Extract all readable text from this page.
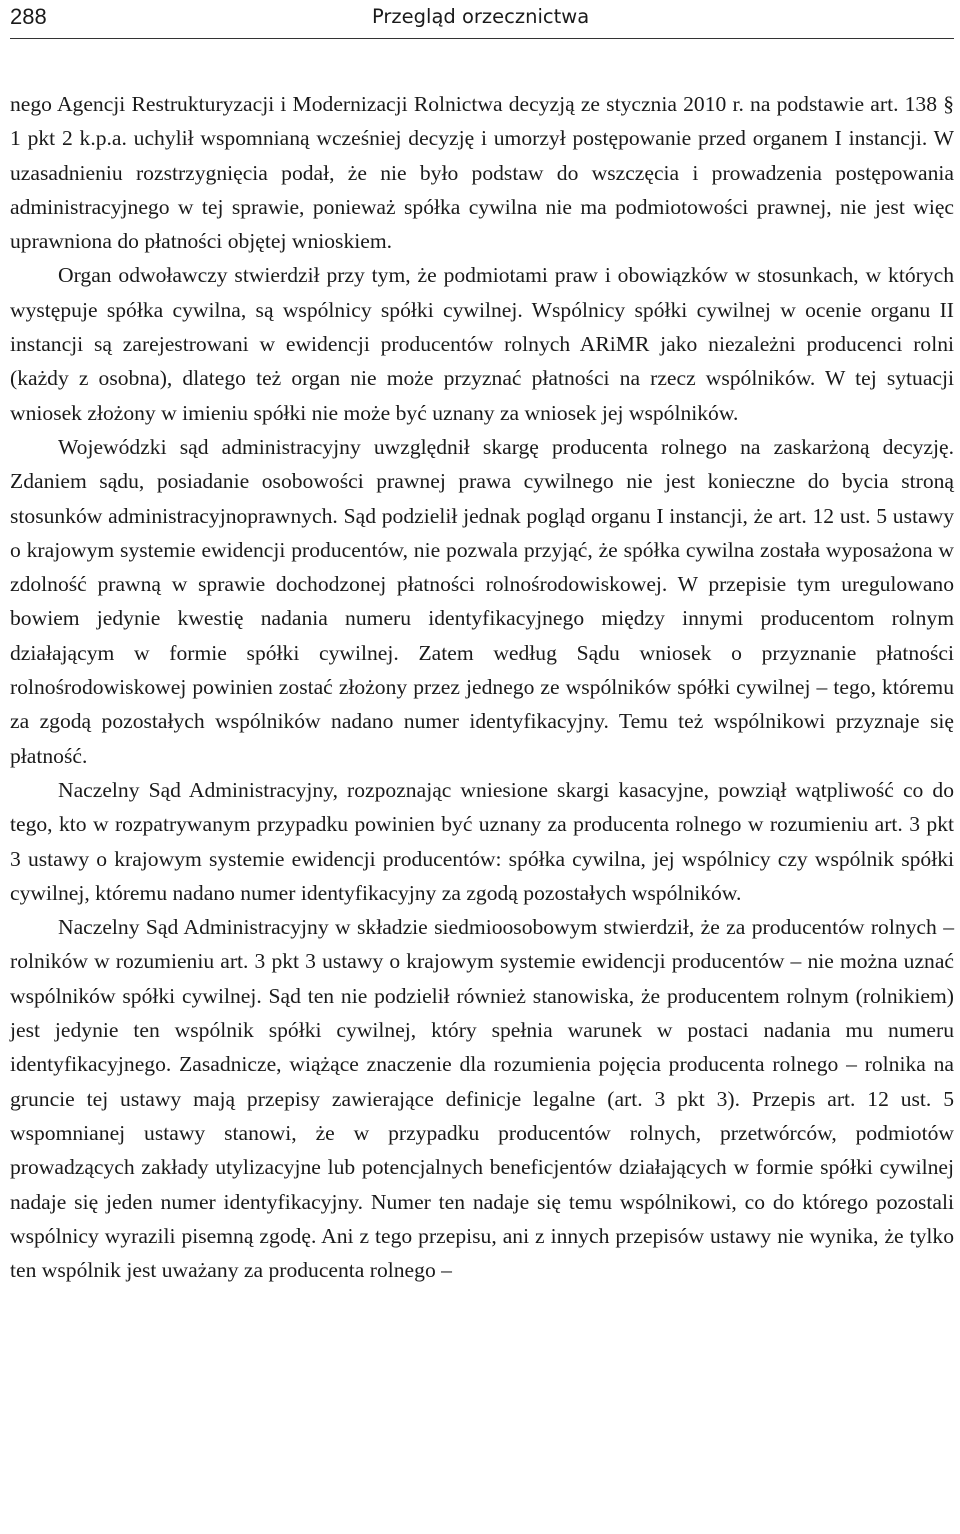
288	Przegląd orzecznictwa

nego Agencji Restrukturyzacji i Modernizacji Rolnictwa decyzją ze stycznia 2010 r. na podstawie art. 138 § 1 pkt 2 k.p.a. uchylił wspomnianą wcześniej decyzję i umorzył postępowanie przed organem I instancji. W uzasadnieniu rozstrzygnięcia podał, że nie było podstaw do wszczęcia i prowadzenia postępowania administracyjnego w tej sprawie, ponieważ spółka cywilna nie ma podmiotowości prawnej, nie jest więc uprawniona do płatności objętej wnioskiem.

Organ odwoławczy stwierdził przy tym, że podmiotami praw i obowiązków w stosunkach, w których występuje spółka cywilna, są wspólnicy spółki cywilnej. Wspólnicy spółki cywilnej w ocenie organu II instancji są zarejestrowani w ewidencji producentów rolnych ARiMR jako niezależni producenci rolni (każdy z osobna), dlatego też organ nie może przyznać płatności na rzecz wspólników. W tej sytuacji wniosek złożony w imieniu spółki nie może być uznany za wniosek jej wspólników.

Wojewódzki sąd administracyjny uwzględnił skargę producenta rolnego na zaskarżoną decyzję. Zdaniem sądu, posiadanie osobowości prawnej prawa cywilnego nie jest konieczne do bycia stroną stosunków administracyjnoprawnych. Sąd podzielił jednak pogląd organu I instancji, że art. 12 ust. 5 ustawy o krajowym systemie ewidencji producentów, nie pozwala przyjąć, że spółka cywilna została wyposażona w zdolność prawną w sprawie dochodzonej płatności rolnośrodowiskowej. W przepisie tym uregulowano bowiem jedynie kwestię nadania numeru identyfikacyjnego między innymi producentom rolnym działającym w formie spółki cywilnej. Zatem według Sądu wniosek o przyznanie płatności rolnośrodowiskowej powinien zostać złożony przez jednego ze wspólników spółki cywilnej – tego, któremu za zgodą pozostałych wspólników nadano numer identyfikacyjny. Temu też wspólnikowi przyznaje się płatność.

Naczelny Sąd Administracyjny, rozpoznając wniesione skargi kasacyjne, powziął wątpliwość co do tego, kto w rozpatrywanym przypadku powinien być uznany za producenta rolnego w rozumieniu art. 3 pkt 3 ustawy o krajowym systemie ewidencji producentów: spółka cywilna, jej wspólnicy czy wspólnik spółki cywilnej, któremu nadano numer identyfikacyjny za zgodą pozostałych wspólników.

Naczelny Sąd Administracyjny w składzie siedmioosobowym stwierdził, że za producentów rolnych – rolników w rozumieniu art. 3 pkt 3 ustawy o krajowym systemie ewidencji producentów – nie można uznać wspólników spółki cywilnej. Sąd ten nie podzielił również stanowiska, że producentem rolnym (rolnikiem) jest jedynie ten wspólnik spółki cywilnej, który spełnia warunek w postaci nadania mu numeru identyfikacyjnego. Zasadnicze, wiążące znaczenie dla rozumienia pojęcia producenta rolnego – rolnika na gruncie tej ustawy mają przepisy zawierające definicje legalne (art. 3 pkt 3). Przepis art. 12 ust. 5 wspomnianej ustawy stanowi, że w przypadku producentów rolnych, przetwórców, podmiotów prowadzących zakłady utylizacyjne lub potencjalnych beneficjentów działających w formie spółki cywilnej nadaje się jeden numer identyfikacyjny. Numer ten nadaje się temu wspólnikowi, co do którego pozostali wspólnicy wyrazili pisemną zgodę. Ani z tego przepisu, ani z innych przepisów ustawy nie wynika, że tylko ten wspólnik jest uważany za producenta rolnego –
